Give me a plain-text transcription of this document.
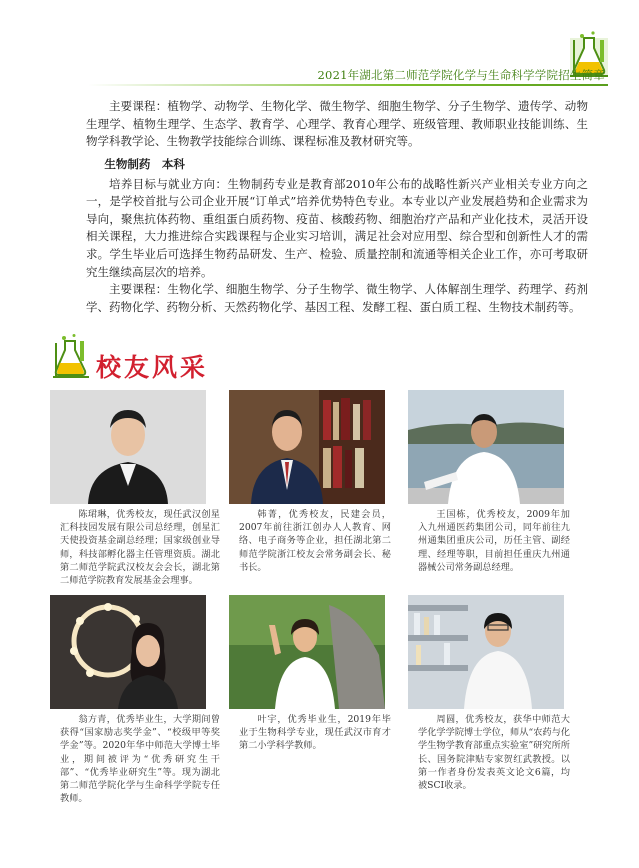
2021年湖北第二师范学院化学与生命科学学院招生简章

主要课程：植物学、动物学、生物化学、微生物学、细胞生物学、分子生物学、遗传学、动物生理学、植物生理学、生态学、教育学、心理学、教育心理学、班级管理、教师职业技能训练、生物学科教学论、生物教学技能综合训练、课程标准及教材研究等。

生物制药　本科

培养目标与就业方向：生物制药专业是教育部2010年公布的战略性新兴产业相关专业方向之一，是学校首批与公司企业开展“订单式”培养优势特色专业。本专业以产业发展趋势和企业需求为导向，聚焦抗体药物、重组蛋白质药物、疫苗、核酸药物、细胞治疗产品和产业化技术，灵活开设相关课程，大力推进综合实践课程与企业实习培训，满足社会对应用型、综合型和创新性人才的需求。学生毕业后可选择生物药品研发、生产、检验、质量控制和流通等相关企业工作，亦可考取研究生继续高层次的培养。

主要课程：生物化学、细胞生物学、分子生物学、微生物学、人体解剖生理学、药理学、药剂学、药物化学、药物分析、天然药物化学、基因工程、发酵工程、蛋白质工程、生物技术制药等。

校友风采
陈珺琳，优秀校友，现任武汉创星汇科技园发展有限公司总经理，创星汇天使投资基金副总经理；国家级创业导师，科技部孵化器主任管理资质。湖北第二师范学院武汉校友会会长，湖北第二师范学院教育发展基金会理事。
韩菁，优秀校友，民建会员，2007年前往浙江创办人人教育、网络、电子商务等企业，担任湖北第二师范学院浙江校友会常务副会长、秘书长。
王国栋，优秀校友，2009年加入九州通医药集团公司，同年前往九州通集团重庆公司，历任主管、副经理、经理等职，目前担任重庆九州通器械公司常务副总经理。
翁方青，优秀毕业生，大学期间曾获得“国家励志奖学金”、“校级甲等奖学金”等。2020年华中师范大学博士毕业，期间被评为“优秀研究生干部”、“优秀毕业研究生”等。现为湖北第二师范学院化学与生命科学学院专任教师。
叶宇，优秀毕业生，2019年毕业于生物科学专业，现任武汉市育才第二小学科学教师。
周圆，优秀校友，获华中师范大学化学学院博士学位，师从“农药与化学生物学教育部重点实验室”研究所所长、国务院津贴专家贺红武教授。以第一作者身份发表英文论文6篇，均被SCI收录。
